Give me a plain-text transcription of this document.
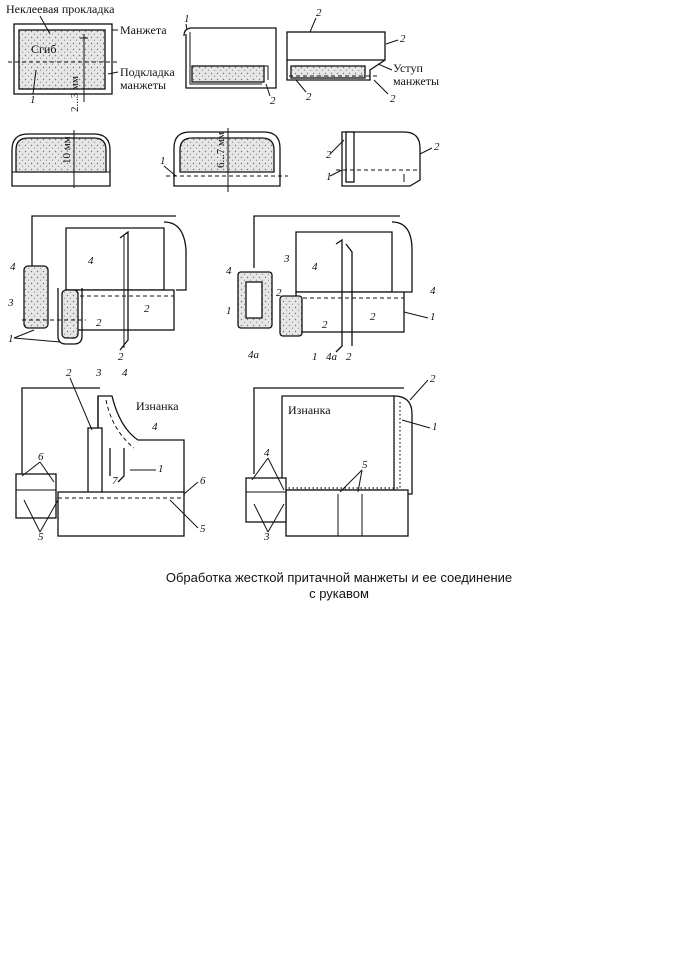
Неклеевая прокладка
Манжета
Сгиб
Подкладка
манжеты
2...3 мм
1
1
2
2
2
2	2
Уступ
манжеты
10 мм	6...7 мм
1	2
1
2
4	4
3
1
2
2
2
4
1
3
4
2
2
2
4а	4а
1	2
4
1
Изнанка
2 3 4
4
1
7
6
6
5
5
Изнанка
2
1
4
5
3
Обработка жесткой притачной манжеты и ее соединение
с рукавом
